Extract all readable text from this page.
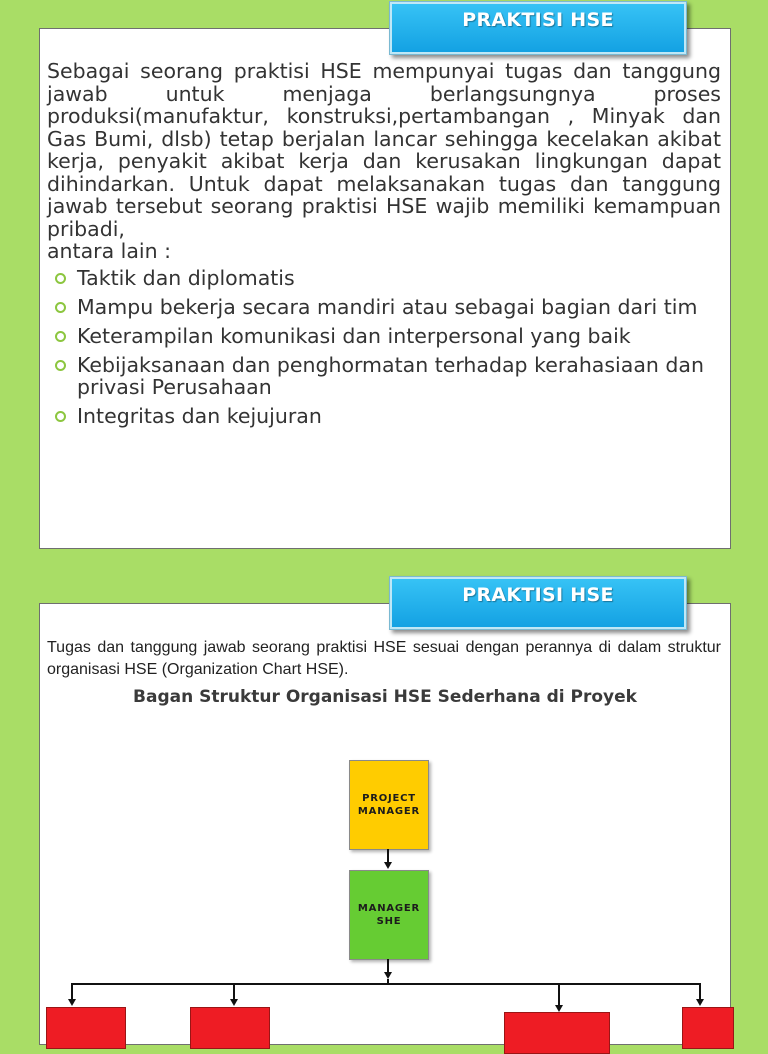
Sebagai seorang praktisi HSE mempunyai tugas dan tanggung jawab untuk menjaga berlangsungnya proses produksi(manufaktur, konstruksi,pertambangan , Minyak dan Gas Bumi, dlsb) tetap berjalan lancar sehingga kecelakan akibat kerja, penyakit akibat kerja dan kerusakan lingkungan dapat dihindarkan. Untuk dapat melaksanakan tugas dan tanggung jawab tersebut seorang praktisi HSE wajib memiliki kemampuan pribadi,

antara lain :

Taktik dan diplomatis
Mampu bekerja secara mandiri atau sebagai bagian dari tim
Keterampilan komunikasi dan interpersonal yang baik
Kebijaksanaan dan penghormatan terhadap kerahasiaan dan privasi Perusahaan
Integritas dan kejujuran
PRAKTISI HSE

Tugas dan tanggung jawab seorang praktisi HSE sesuai dengan perannya di dalam struktur organisasi HSE (Organization Chart HSE).

Bagan Struktur Organisasi HSE Sederhana di Proyek

PROJECT
MANAGER
MANAGER
SHE
PRAKTISI HSE
